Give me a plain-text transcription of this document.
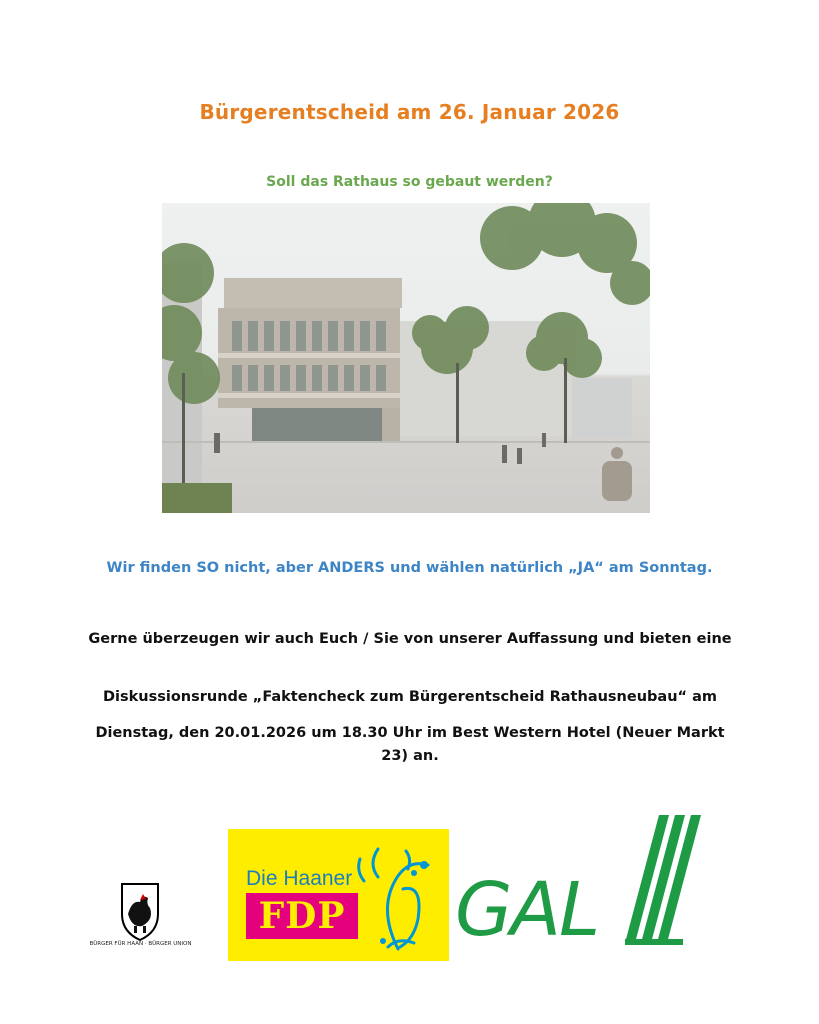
Bürgerentscheid am 26. Januar 2026
Soll das Rathaus so gebaut werden?
Wir finden SO nicht, aber ANDERS und wählen natürlich „JA“ am Sonntag.
Gerne überzeugen wir auch Euch / Sie von unserer Auffassung und bieten eine
Diskussionsrunde „Faktencheck zum Bürgerentscheid Rathausneubau“ am
Dienstag, den 20.01.2026 um 18.30 Uhr im Best Western Hotel (Neuer Markt 23) an.
BÜRGER FÜR HAAN · BÜRGER UNION
Die Haaner
FDP GAL
